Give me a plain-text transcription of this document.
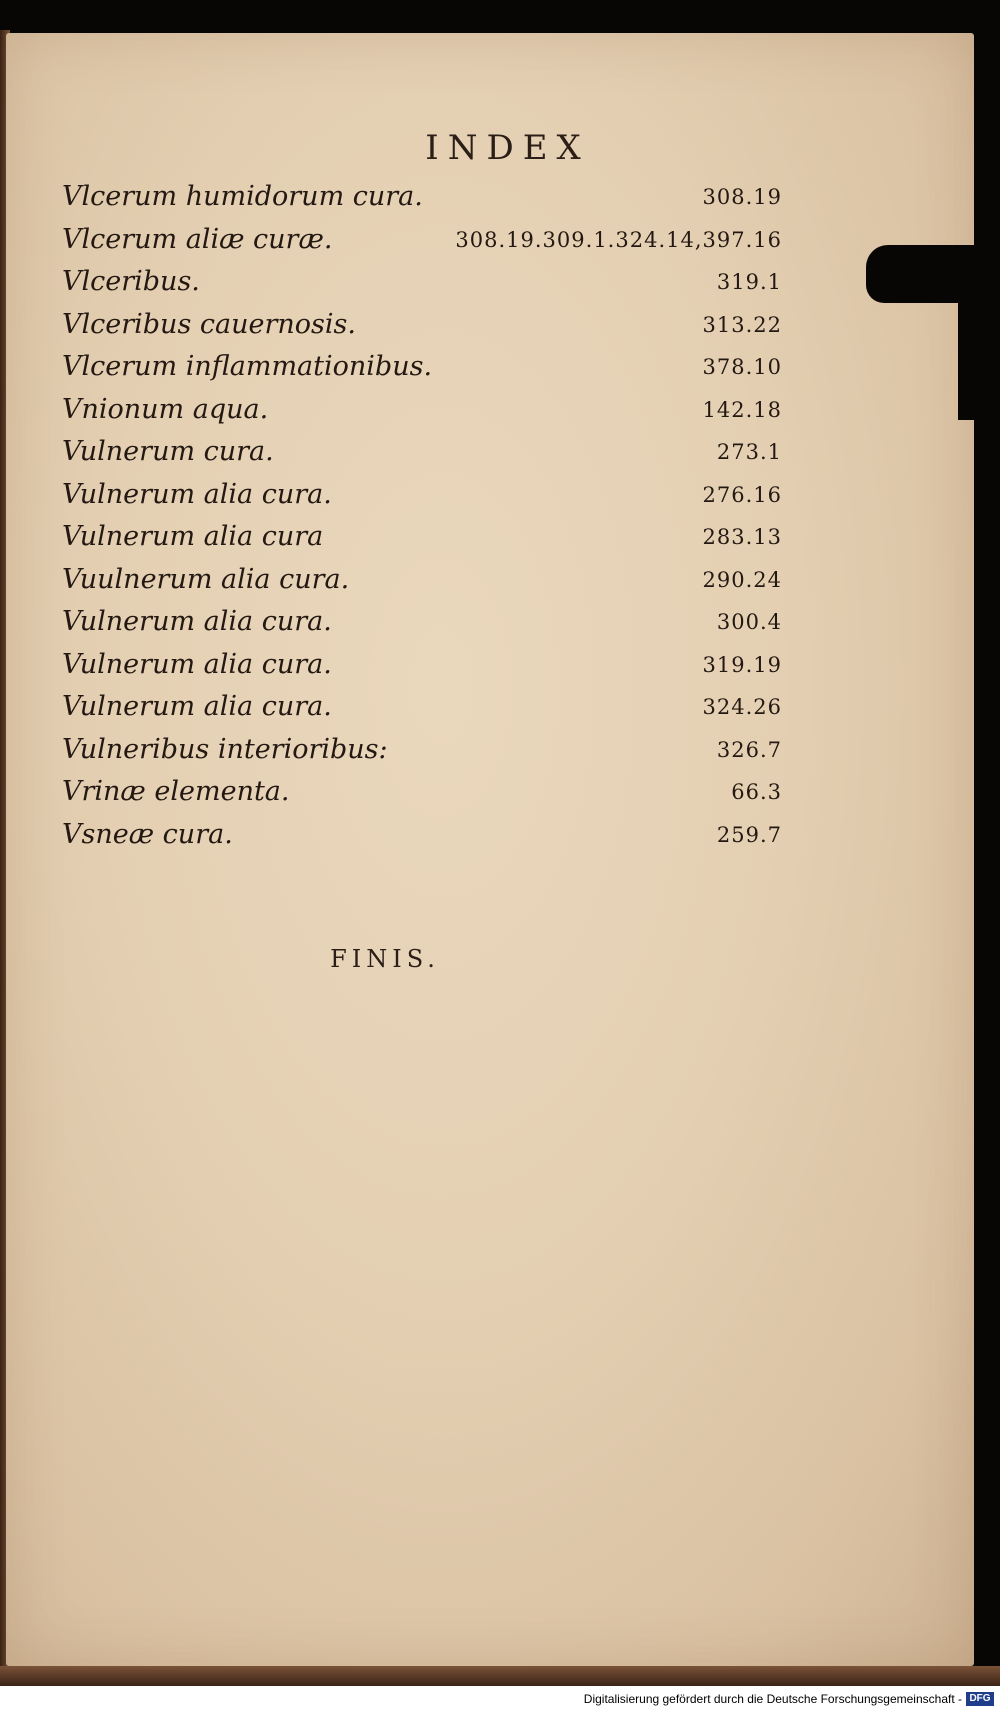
INDEX
Vlcerum humidorum cura.	308.19
Vlcerum aliæ curæ.	308.19.309.1.324.14,397.16
Vlceribus.	319.1
Vlceribus cauernosis.	313.22
Vlcerum inflammationibus.	378.10
Vnionum aqua.	142.18
Vulnerum cura.	273.1
Vulnerum alia cura.	276.16
Vulnerum alia cura	283.13
Vuulnerum alia cura.	290.24
Vulnerum alia cura.	300.4
Vulnerum alia cura.	319.19
Vulnerum alia cura.	324.26
Vulneribus interioribus:	326.7
Vrinæ elementa.	66.3
Vsneæ cura.	259.7
FINIS.
Digitalisierung gefördert durch die Deutsche Forschungsgemeinschaft - DFG
